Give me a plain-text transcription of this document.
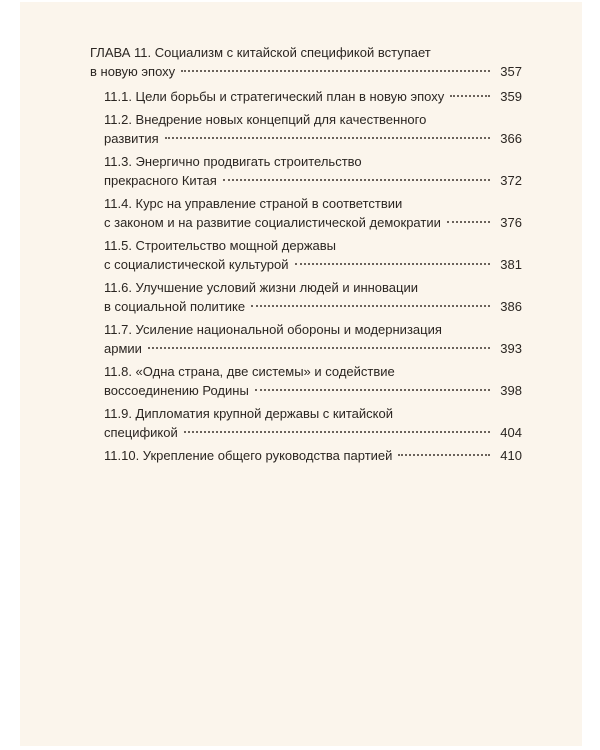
ГЛАВА 11. Социализм с китайской спецификой вступает
в новую эпоху	357
11.1. Цели борьбы и стратегический план в новую эпоху	359
11.2. Внедрение новых концепций для качественного
развития	366
11.3. Энергично продвигать строительство
прекрасного Китая	372
11.4. Курс на управление страной в соответствии
с законом и на развитие социалистической демократии	376
11.5. Строительство мощной державы
с социалистической культурой	381
11.6. Улучшение условий жизни людей и инновации
в социальной политике	386
11.7. Усиление национальной обороны и модернизация
армии	393
11.8. «Одна страна, две системы» и содействие
воссоединению Родины	398
11.9. Дипломатия крупной державы с китайской
спецификой	404
11.10. Укрепление общего руководства партией	410
